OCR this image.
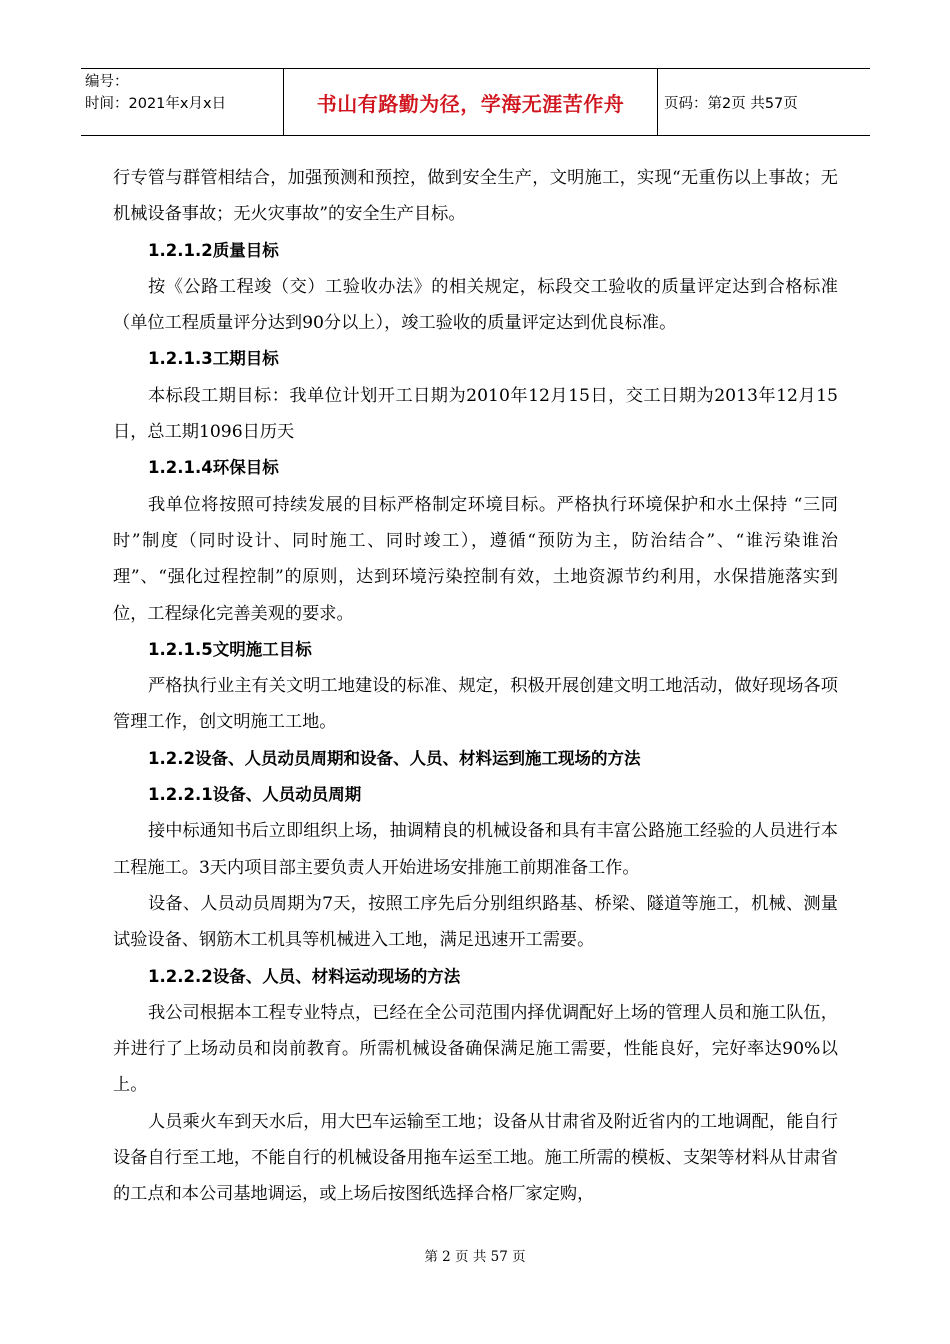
编号：
时间：2021年x月x日	书山有路勤为径，学海无涯苦作舟	页码：第2页 共57页

行专管与群管相结合，加强预测和预控，做到安全生产，文明施工，实现“无重伤以上事故；无机械设备事故；无火灾事故”的安全生产目标。

1.2.1.2质量目标

按《公路工程竣（交）工验收办法》的相关规定，标段交工验收的质量评定达到合格标准（单位工程质量评分达到90分以上），竣工验收的质量评定达到优良标准。

1.2.1.3工期目标

本标段工期目标：我单位计划开工日期为2010年12月15日，交工日期为2013年12月15日，总工期1096日历天

1.2.1.4环保目标

我单位将按照可持续发展的目标严格制定环境目标。严格执行环境保护和水土保持 “三同时”制度（同时设计、同时施工、同时竣工），遵循“预防为主，防治结合”、“谁污染谁治理”、“强化过程控制”的原则，达到环境污染控制有效，土地资源节约利用，水保措施落实到位，工程绿化完善美观的要求。

1.2.1.5文明施工目标

严格执行业主有关文明工地建设的标准、规定，积极开展创建文明工地活动，做好现场各项管理工作，创文明施工工地。

1.2.2设备、人员动员周期和设备、人员、材料运到施工现场的方法

1.2.2.1设备、人员动员周期

接中标通知书后立即组织上场，抽调精良的机械设备和具有丰富公路施工经验的人员进行本工程施工。3天内项目部主要负责人开始进场安排施工前期准备工作。

设备、人员动员周期为7天，按照工序先后分别组织路基、桥梁、隧道等施工，机械、测量试验设备、钢筋木工机具等机械进入工地，满足迅速开工需要。

1.2.2.2设备、人员、材料运动现场的方法

我公司根据本工程专业特点，已经在全公司范围内择优调配好上场的管理人员和施工队伍，并进行了上场动员和岗前教育。所需机械设备确保满足施工需要，性能良好，完好率达90%以上。

人员乘火车到天水后，用大巴车运输至工地；设备从甘肃省及附近省内的工地调配，能自行设备自行至工地，不能自行的机械设备用拖车运至工地。施工所需的模板、支架等材料从甘肃省的工点和本公司基地调运，或上场后按图纸选择合格厂家定购，

第 2 页 共 57 页
